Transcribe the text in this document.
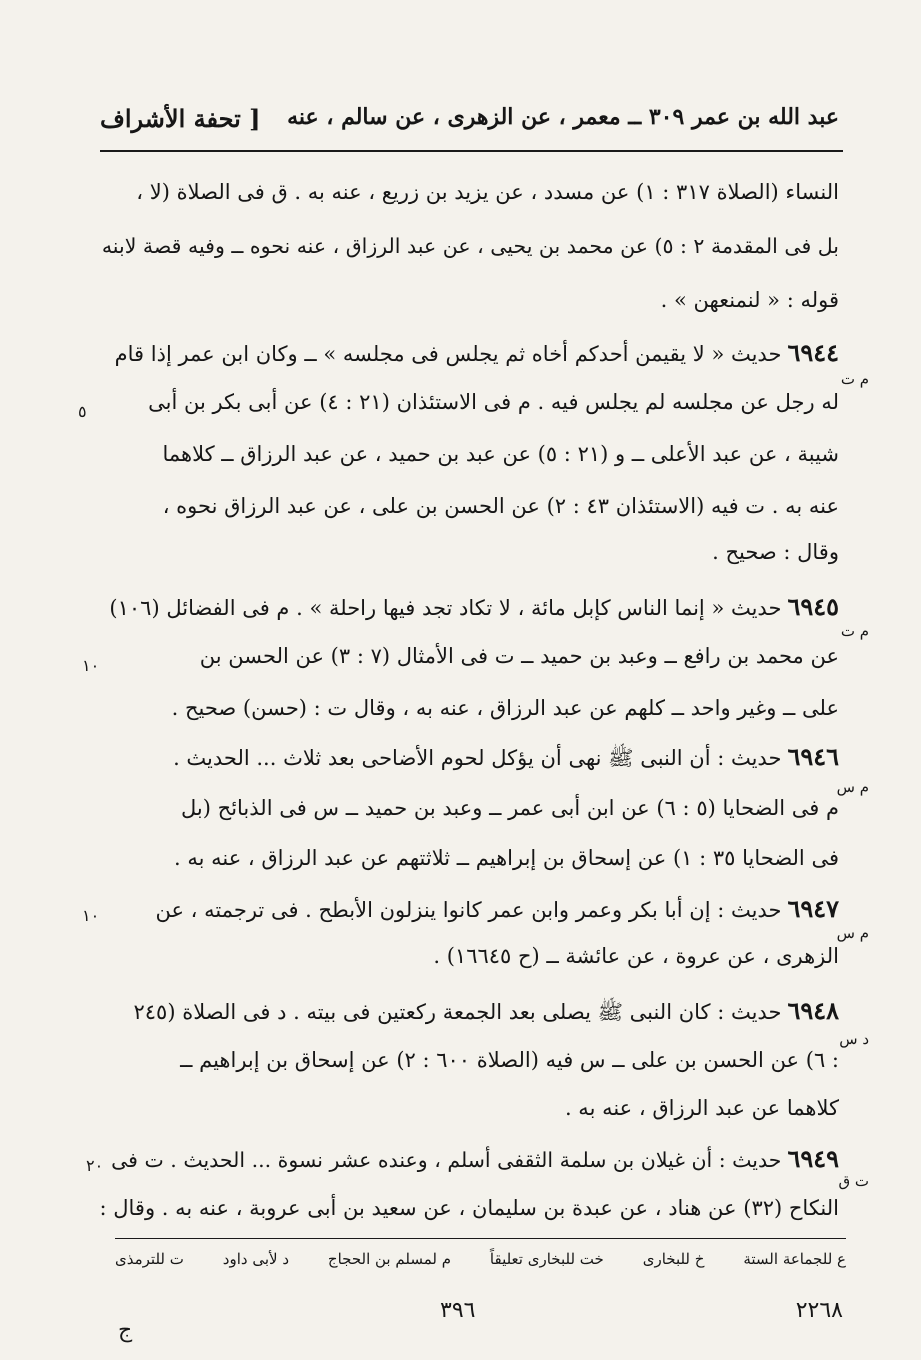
عبد الله بن عمر ٣٠٩ ــ معمر ، عن الزهرى ، عن سالم ، عنه
[ تحفة الأشراف
النساء (الصلاة ٣١٧ : ١) عن مسدد ، عن يزيد بن زريع ، عنه به . ق فى الصلاة (لا ،
بل فى المقدمة ٢ : ٥) عن محمد بن يحيى ، عن عبد الرزاق ، عنه نحوه ــ وفيه قصة لابنه
قوله : « لنمنعهن » .
٦٩٤٤حديث « لا يقيمن أحدكم أخاه ثم يجلس فى مجلسه » ــ وكان ابن عمر إذا قام
م ت
له رجل عن مجلسه لم يجلس فيه . م فى الاستئذان (٢١ : ٤) عن أبى بكر بن أبى
٥
شيبة ، عن عبد الأعلى ــ و (٢١ : ٥) عن عبد بن حميد ، عن عبد الرزاق ــ كلاهما
عنه به . ت فيه (الاستئذان ٤٣ : ٢) عن الحسن بن على ، عن عبد الرزاق نحوه ،
وقال : صحيح .
٦٩٤٥حديث « إنما الناس كإبل مائة ، لا تكاد تجد فيها راحلة » . م فى الفضائل (١٠٦)
م ت
عن محمد بن رافع ــ وعبد بن حميد ــ ت فى الأمثال (٧ : ٣) عن الحسن بن
١٠
على ــ وغير واحد ــ كلهم عن عبد الرزاق ، عنه به ، وقال ت : (حسن) صحيح .
٦٩٤٦حديث : أن النبى ﷺ نهى أن يؤكل لحوم الأضاحى بعد ثلاث ... الحديث .
م س
م فى الضحايا (٥ : ٦) عن ابن أبى عمر ــ وعبد بن حميد ــ س فى الذبائح (بل
فى الضحايا ٣٥ : ١) عن إسحاق بن إبراهيم ــ ثلاثتهم عن عبد الرزاق ، عنه به .
٦٩٤٧حديث : إن أبا بكر وعمر وابن عمر كانوا ينزلون الأبطح . فى ترجمته ، عن
م س
١٠
الزهرى ، عن عروة ، عن عائشة ــ (ح ١٦٦٤٥) .
٦٩٤٨حديث : كان النبى ﷺ يصلى بعد الجمعة ركعتين فى بيته . د فى الصلاة (٢٤٥
د س
: ٦) عن الحسن بن على ــ س فيه (الصلاة ٦٠٠ : ٢) عن إسحاق بن إبراهيم ــ
كلاهما عن عبد الرزاق ، عنه به .
٦٩٤٩حديث : أن غيلان بن سلمة الثقفى أسلم ، وعنده عشر نسوة ... الحديث . ت فى
ت ق
٢٠
النكاح (٣٢) عن هناد ، عن عبدة بن سليمان ، عن سعيد بن أبى عروبة ، عنه به . وقال :
ع للجماعة الستة
خ للبخارى
خت للبخارى تعليقاً
م لمسلم بن الحجاج
د لأبى داود
ت للترمذى
٢٢٦٨
٣٩٦
ج
